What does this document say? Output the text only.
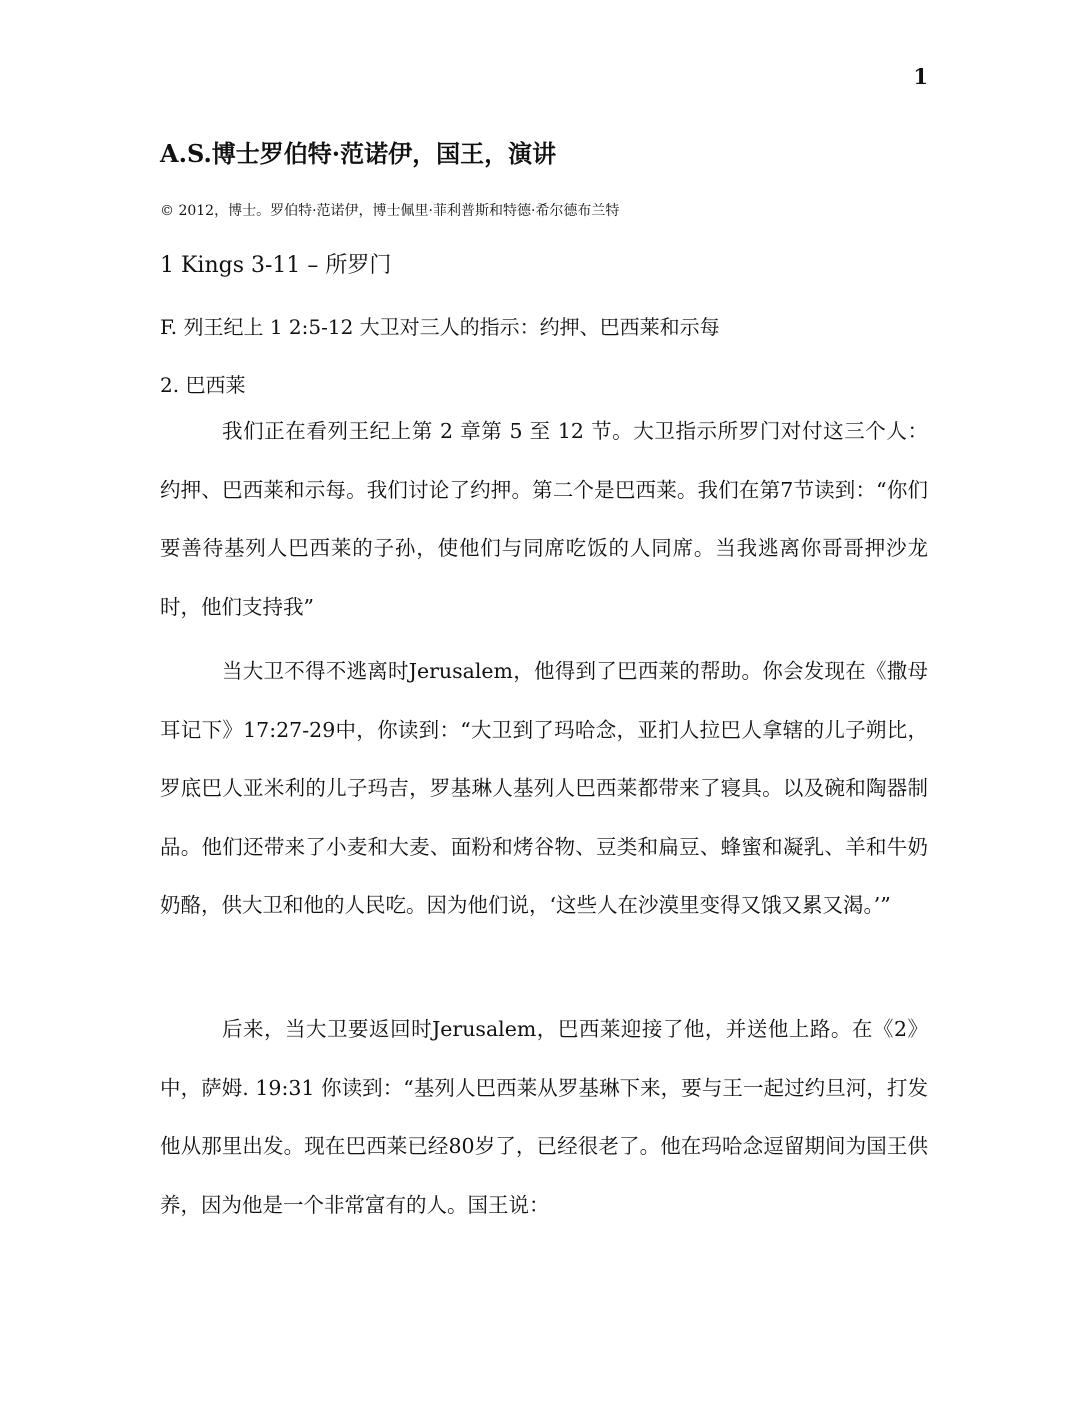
1
A.S.博士罗伯特·范诺伊，国王，演讲
© 2012，博士。罗伯特·范诺伊，博士佩里·菲利普斯和特德·希尔德布兰特
1 Kings 3-11 – 所罗门
F. 列王纪上 1 2:5-12 大卫对三人的指示：约押、巴西莱和示每
2. 巴西莱

我们正在看列王纪上第 2 章第 5 至 12 节。大卫指示所罗门对付这三个人：约押、巴西莱和示每。我们讨论了约押。第二个是巴西莱。我们在第7节读到：“你们要善待基列人巴西莱的子孙，使他们与同席吃饭的人同席。当我逃离你哥哥押沙龙时，他们支持我”

当大卫不得不逃离时Jerusalem，他得到了巴西莱的帮助。你会发现在《撒母耳记下》17:27-29中，你读到：“大卫到了玛哈念，亚扪人拉巴人拿辖的儿子朔比，罗底巴人亚米利的儿子玛吉，罗基琳人基列人巴西莱都带来了寝具。以及碗和陶器制品。他们还带来了小麦和大麦、面粉和烤谷物、豆类和扁豆、蜂蜜和凝乳、羊和牛奶奶酪，供大卫和他的人民吃。因为他们说，‘这些人在沙漠里变得又饿又累又渴。’”

后来，当大卫要返回时Jerusalem，巴西莱迎接了他，并送他上路。在《2》中，萨姆. 19:31 你读到：“基列人巴西莱从罗基琳下来，要与王一起过约旦河，打发他从那里出发。现在巴西莱已经80岁了，已经很老了。他在玛哈念逗留期间为国王供养，因为他是一个非常富有的人。国王说：
